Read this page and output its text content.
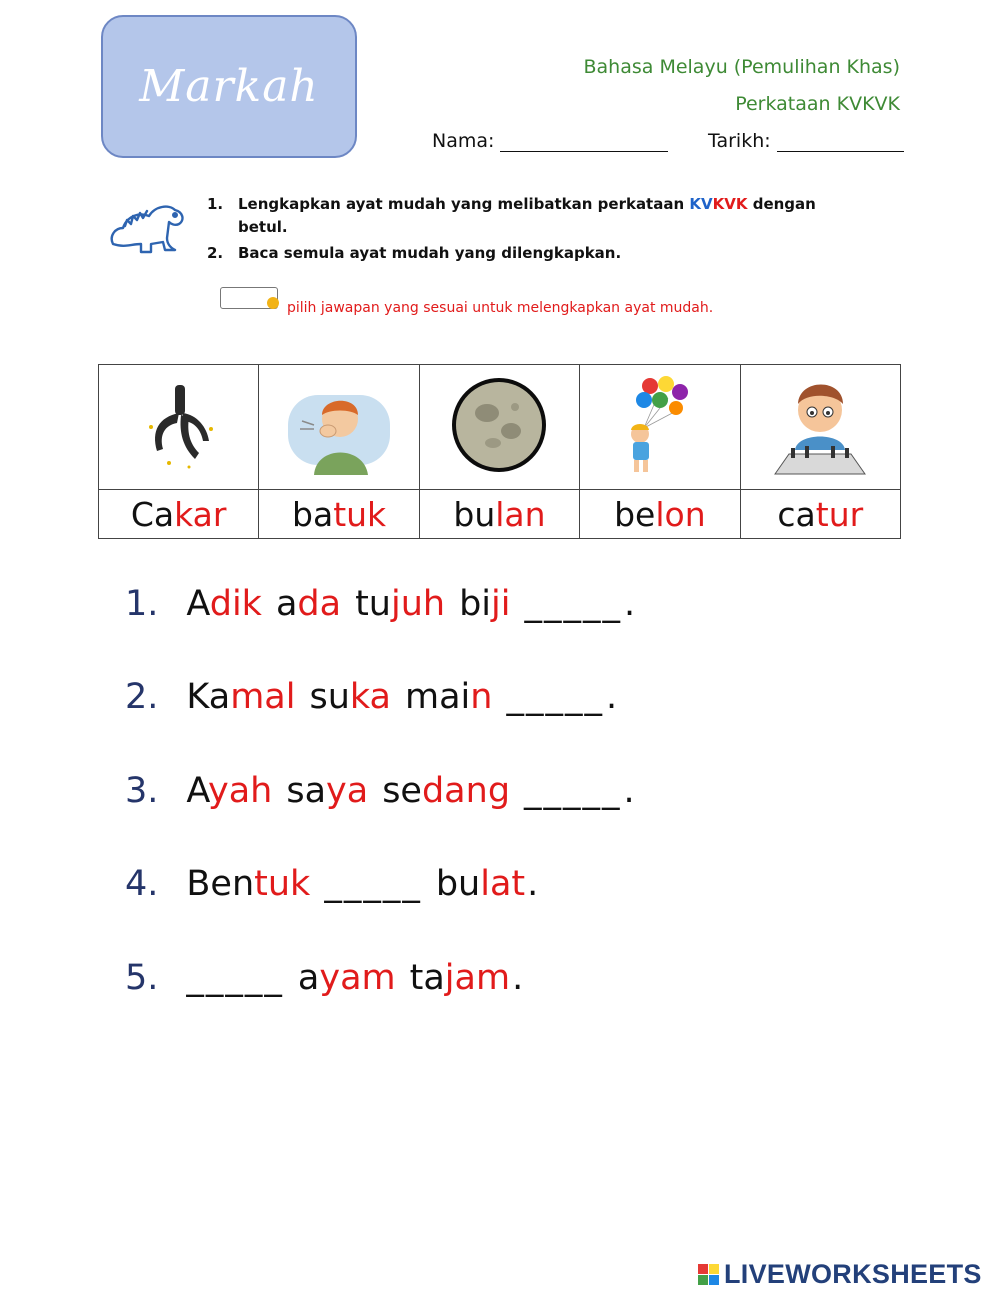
Markah	Bahasa Melayu (Pemulihan Khas)
Perkataan KVKVK
Nama:	Tarikh:
1. Lengkapkan ayat mudah yang melibatkan perkataan KVKVK dengan betul.
2. Baca semula ayat mudah yang dilengkapkan.
pilih jawapan yang sesuai untuk melengkapkan ayat mudah.

Cakar	batuk	bulan	belon	catur
1. Adik ada tujuh biji _____.
2. Kamal suka main _____.
3. Ayah saya sedang _____.
4. Bentuk _____ bulat.
5. _____ ayam tajam.
LIVEWORKSHEETS
